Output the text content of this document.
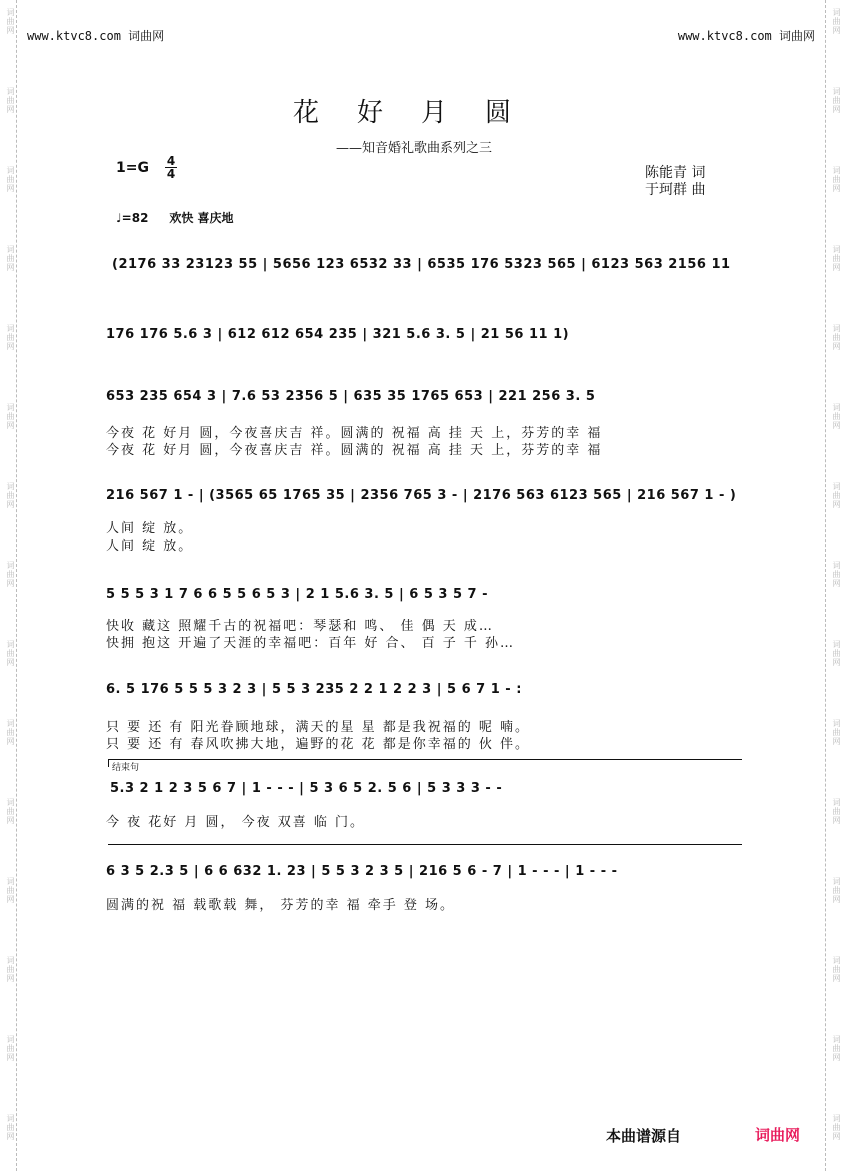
词曲网
词曲网
词曲网
词曲网
词曲网
词曲网
词曲网
词曲网
词曲网
词曲网
词曲网
词曲网
词曲网
词曲网
词曲网
词曲网
词曲网
词曲网
词曲网
词曲网
词曲网
词曲网
词曲网
词曲网
词曲网
词曲网
词曲网
词曲网
词曲网
词曲网
www.ktvc8.com 词曲网	www.ktvc8.com 词曲网
花好月圆
——知音婚礼歌曲系列之三
1=G 4
4	陈能青 词
于珂群 曲
♩=82 欢快 喜庆地
(2176 33 23123 55 | 5656 123 6532 33 | 6535 176 5323 565 | 6123 563 2156 11
176 176 5.6 3 | 612 612 654 235 | 321 5.6 3. 5 | 21 56 11 1)
653 235 654 3 | 7.6 53 2356 5 | 635 35 1765 653 | 221 256 3. 5
今夜 花 好月 圆，今夜喜庆吉 祥。圆满的 祝福 高 挂 天 上，芬芳的幸 福
今夜 花 好月 圆，今夜喜庆吉 祥。圆满的 祝福 高 挂 天 上，芬芳的幸 福
216 567 1 - | (3565 65 1765 35 | 2356 765 3 - | 2176 563 6123 565 | 216 567 1 - )
人间 绽 放。
人间 绽 放。
5 5 5 3 1 7 6 6 5 5 6 5 3 | 2 1 5.6 3. 5 | 6 5 3 5 7 -
快收 藏这 照耀千古的祝福吧：琴瑟和 鸣、 佳 偶 天 成…
快拥 抱这 开遍了天涯的幸福吧：百年 好 合、 百 子 千 孙…
6. 5 176 5 5 5 3 2 3 | 5 5 3 235 2 2 1 2 2 3 | 5 6 7 1 - :
只 要 还 有 阳光眷顾地球，满天的星 星 都是我祝福的 呢 喃。
只 要 还 有 春风吹拂大地，遍野的花 花 都是你幸福的 伙 伴。
结束句
5.3 2 1 2 3 5 6 7 | 1 - - - | 5 3 6 5 2. 5 6 | 5 3 3 3 - -
今 夜 花好 月 圆， 今夜 双喜 临 门。
6 3 5 2.3 5 | 6 6 632 1. 23 | 5 5 3 2 3 5 | 216 5 6 - 7 | 1 - - - | 1 - - -
圆满的祝 福 载歌载 舞， 芬芳的幸 福 牵手 登 场。
本曲谱源自	词曲网
